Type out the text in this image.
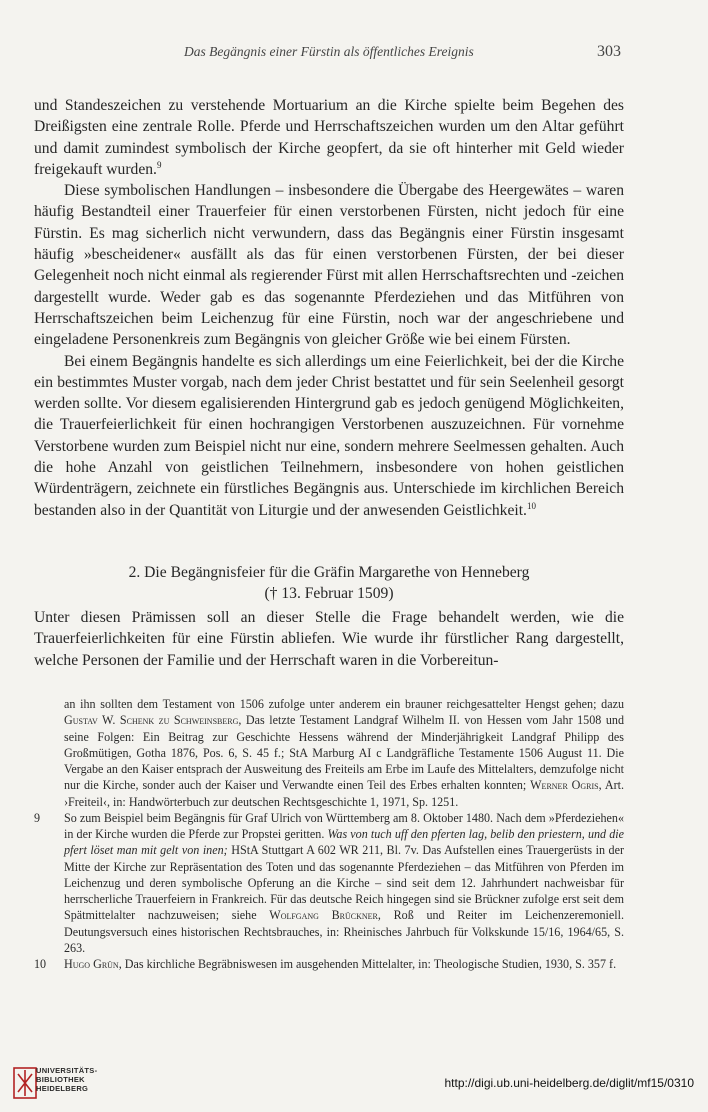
Das Begängnis einer Fürstin als öffentliches Ereignis	303

und Standeszeichen zu verstehende Mortuarium an die Kirche spielte beim Begehen des Dreißigsten eine zentrale Rolle. Pferde und Herrschaftszeichen wurden um den Altar geführt und damit zumindest symbolisch der Kirche geopfert, da sie oft hinterher mit Geld wieder freigekauft wurden.$^9$

Diese symbolischen Handlungen – insbesondere die Übergabe des Heergewätes – waren häufig Bestandteil einer Trauerfeier für einen verstorbenen Fürsten, nicht jedoch für eine Fürstin. Es mag sicherlich nicht verwundern, dass das Begängnis einer Fürstin insgesamt häufig »bescheidener« ausfällt als das für einen verstorbenen Fürsten, der bei dieser Gelegenheit noch nicht einmal als regierender Fürst mit allen Herrschaftsrechten und -zeichen dargestellt wurde. Weder gab es das sogenannte Pferdeziehen und das Mitführen von Herrschaftszeichen beim Leichenzug für eine Fürstin, noch war der angeschriebene und eingeladene Personenkreis zum Begängnis von gleicher Größe wie bei einem Fürsten.

Bei einem Begängnis handelte es sich allerdings um eine Feierlichkeit, bei der die Kirche ein bestimmtes Muster vorgab, nach dem jeder Christ bestattet und für sein Seelenheil gesorgt werden sollte. Vor diesem egalisierenden Hintergrund gab es jedoch genügend Möglichkeiten, die Trauerfeierlichkeit für einen hochrangigen Verstorbenen auszuzeichnen. Für vornehme Verstorbene wurden zum Beispiel nicht nur eine, sondern mehrere Seelmessen gehalten. Auch die hohe Anzahl von geistlichen Teilnehmern, insbesondere von hohen geistlichen Würdenträgern, zeichnete ein fürstliches Begängnis aus. Unterschiede im kirchlichen Bereich bestanden also in der Quantität von Liturgie und der anwesenden Geistlichkeit.$^{10}$

2. Die Begängnisfeier für die Gräfin Margarethe von Henneberg
(† 13. Februar 1509)

Unter diesen Prämissen soll an dieser Stelle die Frage behandelt werden, wie die Trauerfeierlichkeiten für eine Fürstin abliefen. Wie wurde ihr fürstlicher Rang dargestellt, welche Personen der Familie und der Herrschaft waren in die Vorbereitun-

an ihn sollten dem Testament von 1506 zufolge unter anderem ein brauner reichgesattelter Hengst gehen; dazu Gustav W. Schenk zu Schweinsberg, Das letzte Testament Landgraf Wilhelm II. von Hessen vom Jahr 1508 und seine Folgen: Ein Beitrag zur Geschichte Hessens während der Minderjährigkeit Landgraf Philipp des Großmütigen, Gotha 1876, Pos. 6, S. 45 f.; StA Marburg AI c Landgräfliche Testamente 1506 August 11. Die Vergabe an den Kaiser entsprach der Ausweitung des Freiteils am Erbe im Laufe des Mittelalters, demzufolge nicht nur die Kirche, sonder auch der Kaiser und Verwandte einen Teil des Erbes erhalten konnten; Werner Ogris, Art. ›Freiteil‹, in: Handwörterbuch zur deutschen Rechtsgeschichte 1, 1971, Sp. 1251.

9 So zum Beispiel beim Begängnis für Graf Ulrich von Württemberg am 8. Oktober 1480. Nach dem »Pferdeziehen« in der Kirche wurden die Pferde zur Propstei geritten. Was von tuch uff den pferten lag, belib den priestern, und die pfert löset man mit gelt von inen; HStA Stuttgart A 602 WR 211, Bl. 7v. Das Aufstellen eines Trauergerüsts in der Mitte der Kirche zur Repräsentation des Toten und das sogenannte Pferdeziehen – das Mitführen von Pferden im Leichenzug und deren symbolische Opferung an die Kirche – sind seit dem 12. Jahrhundert nachweisbar für herrscherliche Trauerfeiern in Frankreich. Für das deutsche Reich hingegen sind sie Brückner zufolge erst seit dem Spätmittelalter nachzuweisen; siehe Wolfgang Brückner, Roß und Reiter im Leichenzeremoniell. Deutungsversuch eines historischen Rechtsbrauches, in: Rheinisches Jahrbuch für Volkskunde 15/16, 1964/65, S. 263.

10 Hugo Grün, Das kirchliche Begräbniswesen im ausgehenden Mittelalter, in: Theologische Studien, 1930, S. 357 f.

UNIVERSITÄTS-
BIBLIOTHEK
HEIDELBERG	http://digi.ub.uni-heidelberg.de/diglit/mf15/0310
